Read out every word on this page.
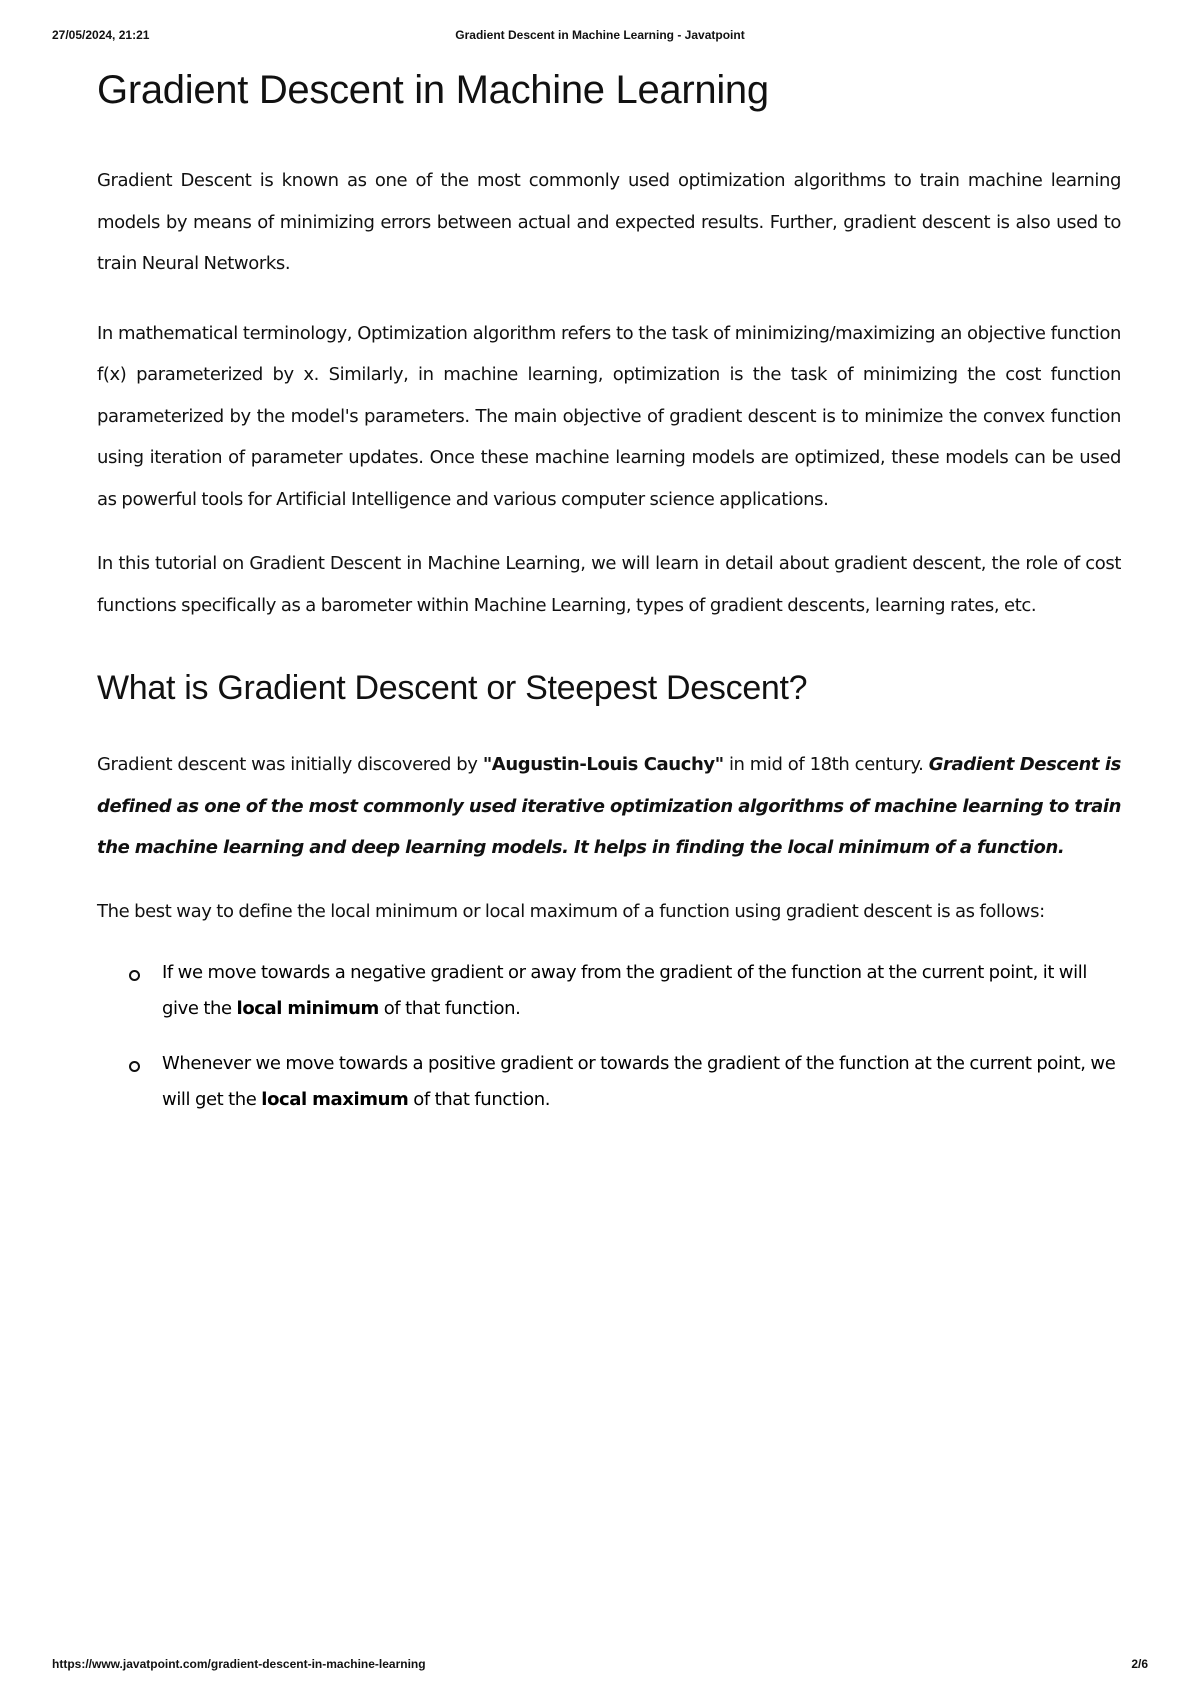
27/05/2024, 21:21	Gradient Descent in Machine Learning - Javatpoint
Gradient Descent in Machine Learning

Gradient Descent is known as one of the most commonly used optimization algorithms to train machine learning models by means of minimizing errors between actual and expected results. Further, gradient descent is also used to train Neural Networks.

In mathematical terminology, Optimization algorithm refers to the task of minimizing/maximizing an objective function f(x) parameterized by x. Similarly, in machine learning, optimization is the task of minimizing the cost function parameterized by the model's parameters. The main objective of gradient descent is to minimize the convex function using iteration of parameter updates. Once these machine learning models are optimized, these models can be used as powerful tools for Artificial Intelligence and various computer science applications.

In this tutorial on Gradient Descent in Machine Learning, we will learn in detail about gradient descent, the role of cost functions specifically as a barometer within Machine Learning, types of gradient descents, learning rates, etc.

What is Gradient Descent or Steepest Descent?

Gradient descent was initially discovered by "Augustin-Louis Cauchy" in mid of 18th century. Gradient Descent is defined as one of the most commonly used iterative optimization algorithms of machine learning to train the machine learning and deep learning models. It helps in finding the local minimum of a function.

The best way to define the local minimum or local maximum of a function using gradient descent is as follows:

If we move towards a negative gradient or away from the gradient of the function at the current point, it will give the local minimum of that function.
Whenever we move towards a positive gradient or towards the gradient of the function at the current point, we will get the local maximum of that function.
https://www.javatpoint.com/gradient-descent-in-machine-learning	2/6
